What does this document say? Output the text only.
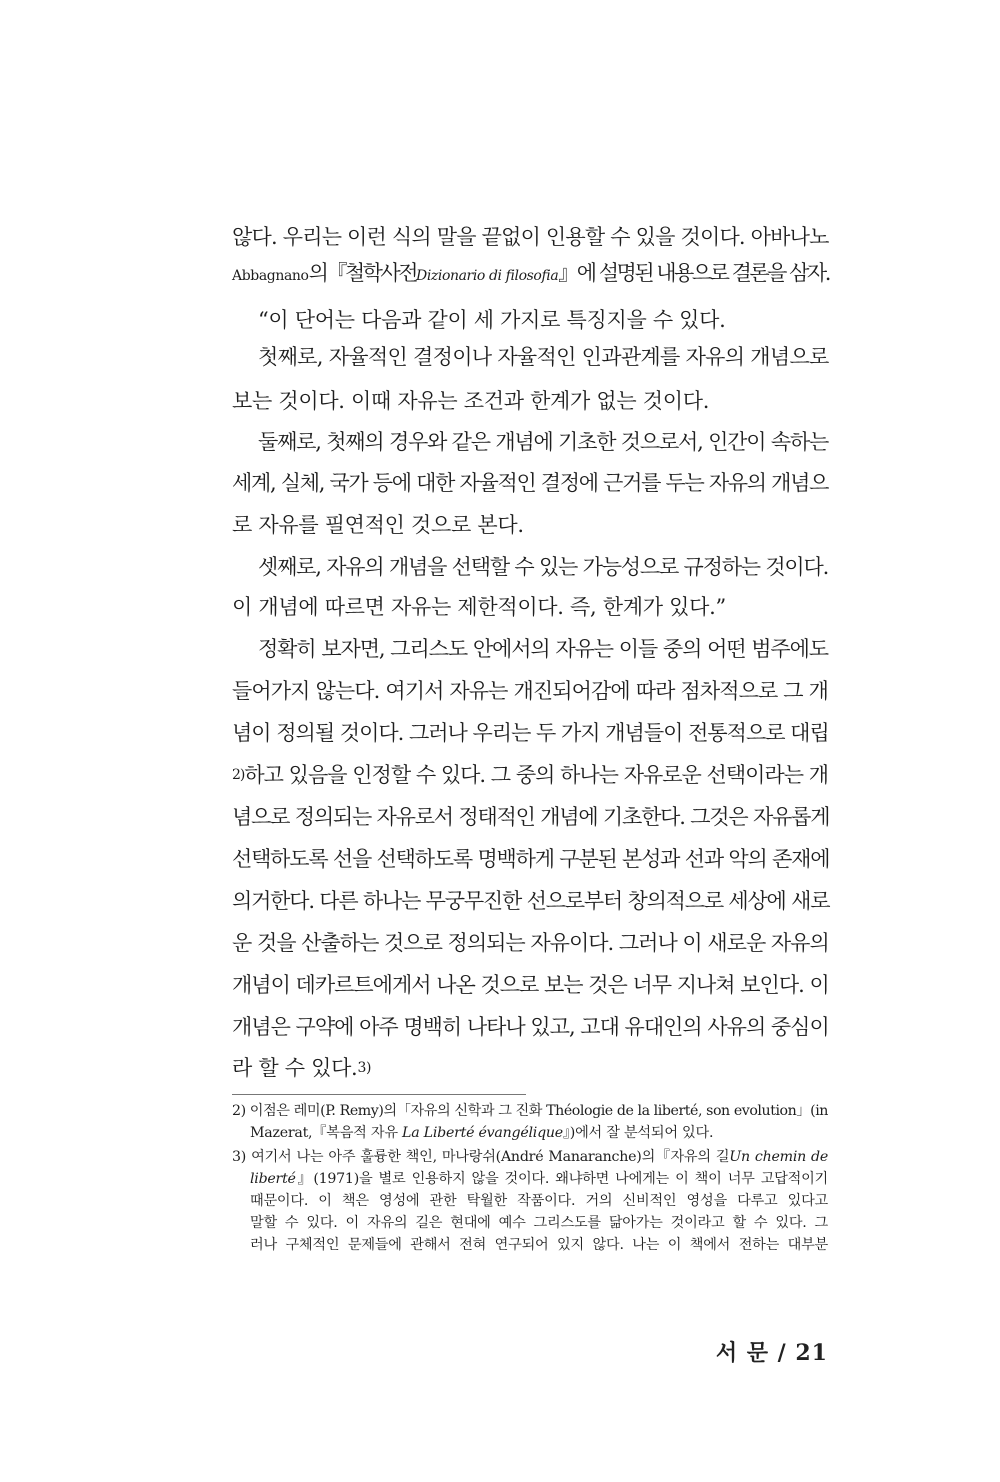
않다. 우리는 이런 식의 말을 끝없이 인용할 수 있을 것이다. 아바나노
Abbagnano의『철학사전Dizionario di filosofia』에 설명된 내용으로 결론을 삼자.
“이 단어는 다음과 같이 세 가지로 특징지을 수 있다.
첫째로, 자율적인 결정이나 자율적인 인과관계를 자유의 개념으로
보는 것이다. 이때 자유는 조건과 한계가 없는 것이다.
둘째로, 첫째의 경우와 같은 개념에 기초한 것으로서, 인간이 속하는
세계, 실체, 국가 등에 대한 자율적인 결정에 근거를 두는 자유의 개념으
로 자유를 필연적인 것으로 본다.
셋째로, 자유의 개념을 선택할 수 있는 가능성으로 규정하는 것이다.
이 개념에 따르면 자유는 제한적이다. 즉, 한계가 있다.”
정확히 보자면, 그리스도 안에서의 자유는 이들 중의 어떤 범주에도
들어가지 않는다. 여기서 자유는 개진되어감에 따라 점차적으로 그 개
념이 정의될 것이다. 그러나 우리는 두 가지 개념들이 전통적으로 대립
$^{2)}$하고 있음을 인정할 수 있다. 그 중의 하나는 자유로운 선택이라는 개
념으로 정의되는 자유로서 정태적인 개념에 기초한다. 그것은 자유롭게
선택하도록 선을 선택하도록 명백하게 구분된 본성과 선과 악의 존재에
의거한다. 다른 하나는 무궁무진한 선으로부터 창의적으로 세상에 새로
운 것을 산출하는 것으로 정의되는 자유이다. 그러나 이 새로운 자유의
개념이 데카르트에게서 나온 것으로 보는 것은 너무 지나쳐 보인다. 이
개념은 구약에 아주 명백히 나타나 있고, 고대 유대인의 사유의 중심이
라 할 수 있다.$^{3)}$
2) 이점은 레미(P. Remy)의「자유의 신학과 그 진화 Théologie de la liberté, son evolution」(in
Mazerat,『복음적 자유 La Liberté évangélique』)에서 잘 분석되어 있다.
3) 여기서 나는 아주 훌륭한 책인, 마나랑쉬(André Manaranche)의『자유의 길Un chemin de
liberté』(1971)을 별로 인용하지 않을 것이다. 왜냐하면 나에게는 이 책이 너무 고답적이기
때문이다. 이 책은 영성에 관한 탁월한 작품이다. 거의 신비적인 영성을 다루고 있다고
말할 수 있다. 이 자유의 길은 현대에 예수 그리스도를 닮아가는 것이라고 할 수 있다. 그
러나 구체적인 문제들에 관해서 전혀 연구되어 있지 않다. 나는 이 책에서 전하는 대부분
서 문 / 21
